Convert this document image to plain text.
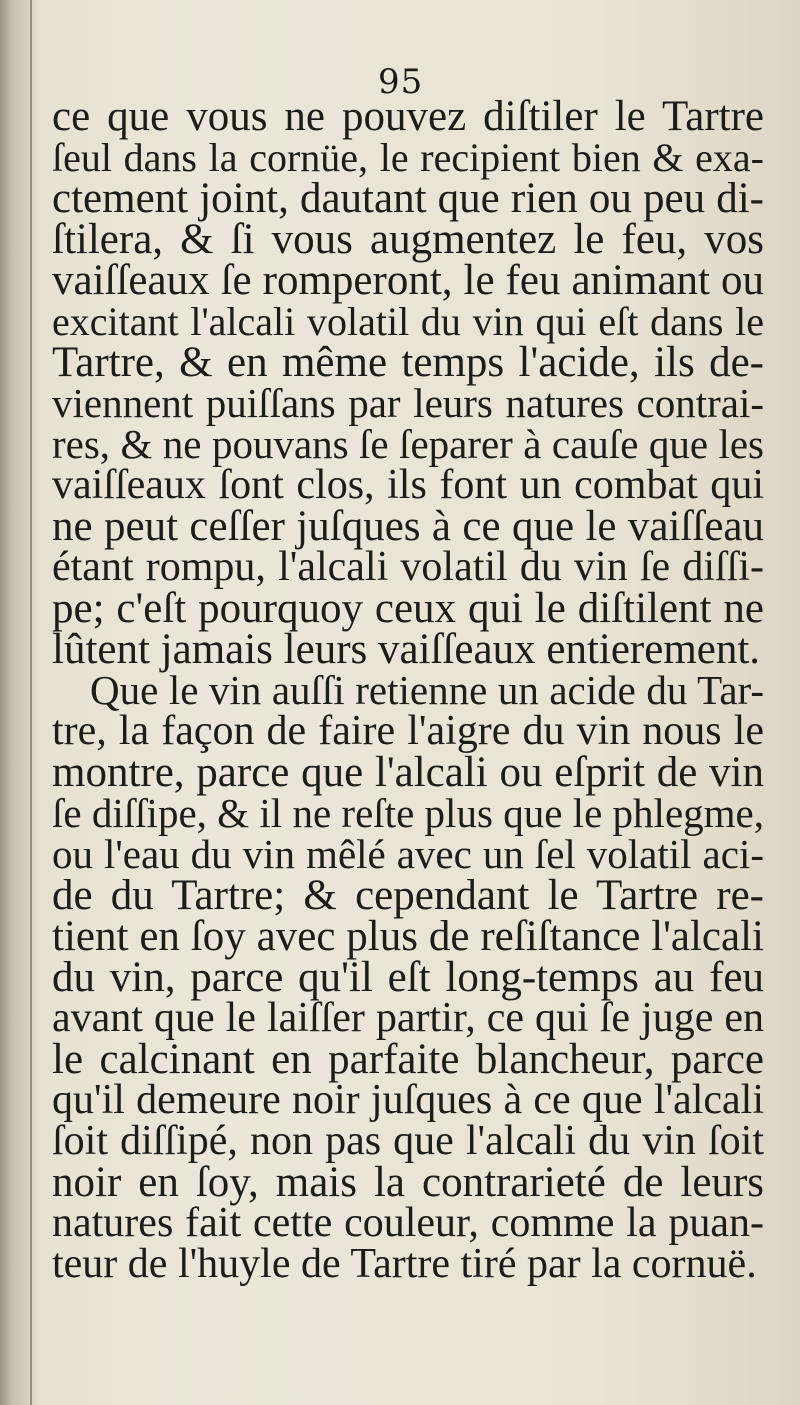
95
ce que vous ne pouvez diſtiler le Tartre
ſeul dans la cornüe, le recipient bien & exa-
ctement joint, dautant que rien ou peu di-
ſtilera, & ſi vous augmentez le feu, vos
vaiſſeaux ſe romperont, le feu animant ou
excitant l'alcali volatil du vin qui eſt dans le
Tartre, & en même temps l'acide, ils de-
viennent puiſſans par leurs natures contrai-
res, & ne pouvans ſe ſeparer à cauſe que les
vaiſſeaux ſont clos, ils font un combat qui
ne peut ceſſer juſques à ce que le vaiſſeau
étant rompu, l'alcali volatil du vin ſe diſſi-
pe; c'eſt pourquoy ceux qui le diſtilent ne
lûtent jamais leurs vaiſſeaux entierement.
Que le vin auſſi retienne un acide du Tar-
tre, la façon de faire l'aigre du vin nous le
montre, parce que l'alcali ou eſprit de vin
ſe diſſipe, & il ne reſte plus que le phlegme,
ou l'eau du vin mêlé avec un ſel volatil aci-
de du Tartre; & cependant le Tartre re-
tient en ſoy avec plus de reſiſtance l'alcali
du vin, parce qu'il eſt long-temps au feu
avant que le laiſſer partir, ce qui ſe juge en
le calcinant en parfaite blancheur, parce
qu'il demeure noir juſques à ce que l'alcali
ſoit diſſipé, non pas que l'alcali du vin ſoit
noir en ſoy, mais la contrarieté de leurs
natures fait cette couleur, comme la puan-
teur de l'huyle de Tartre tiré par la cornuë.
